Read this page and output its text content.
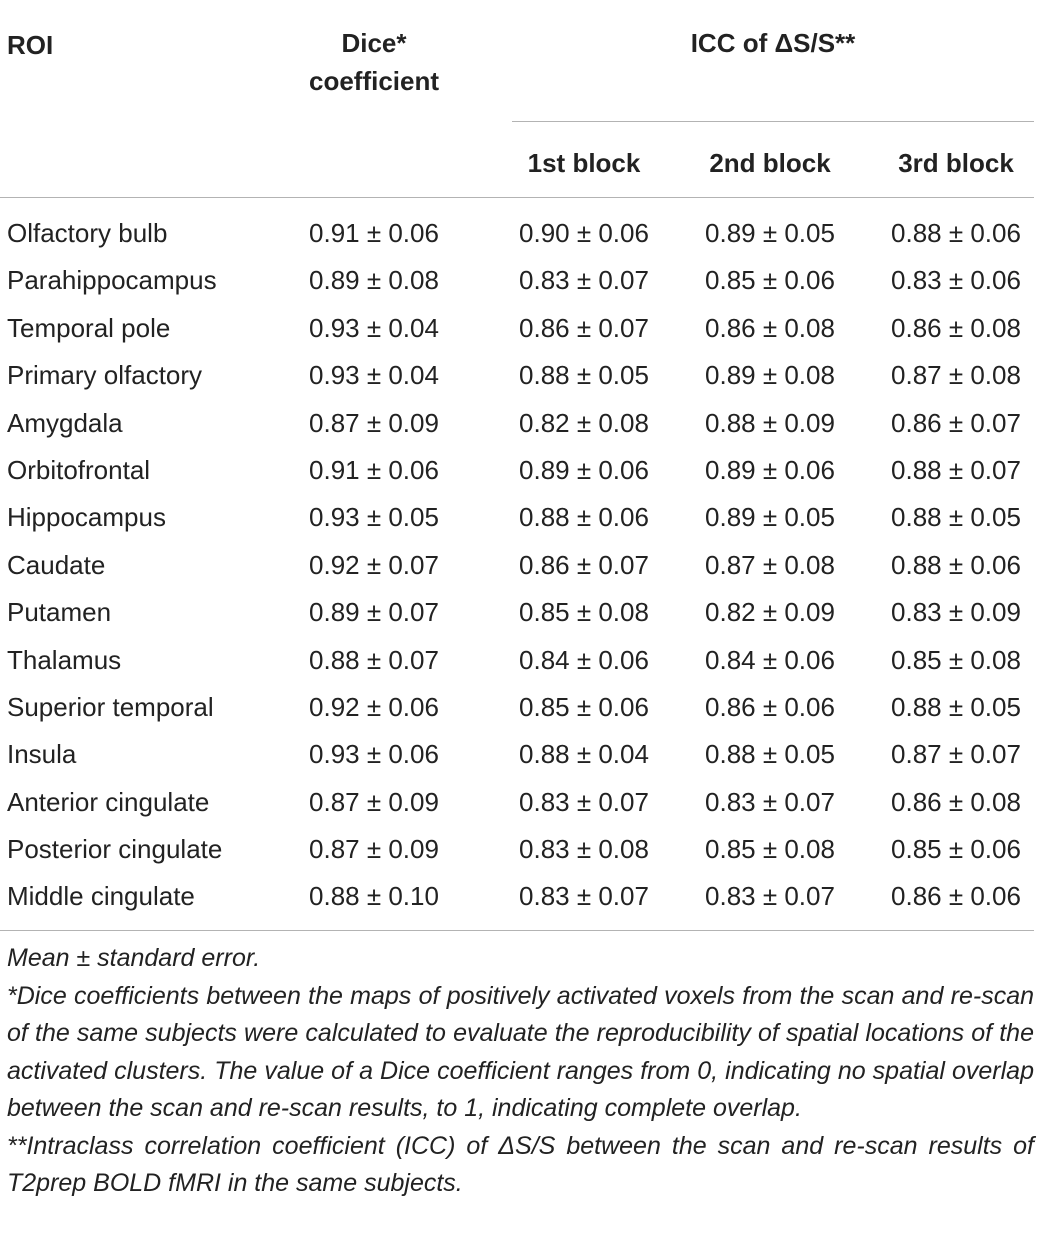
ROI	Dice*
coefficient
ICC of ΔS/S**
1st block	2nd block	3rd block
Olfactory bulb	0.91 ± 0.06	0.90 ± 0.06	0.89 ± 0.05	0.88 ± 0.06
Parahippocampus	0.89 ± 0.08	0.83 ± 0.07	0.85 ± 0.06	0.83 ± 0.06
Temporal pole	0.93 ± 0.04	0.86 ± 0.07	0.86 ± 0.08	0.86 ± 0.08
Primary olfactory	0.93 ± 0.04	0.88 ± 0.05	0.89 ± 0.08	0.87 ± 0.08
Amygdala	0.87 ± 0.09	0.82 ± 0.08	0.88 ± 0.09	0.86 ± 0.07
Orbitofrontal	0.91 ± 0.06	0.89 ± 0.06	0.89 ± 0.06	0.88 ± 0.07
Hippocampus	0.93 ± 0.05	0.88 ± 0.06	0.89 ± 0.05	0.88 ± 0.05
Caudate	0.92 ± 0.07	0.86 ± 0.07	0.87 ± 0.08	0.88 ± 0.06
Putamen	0.89 ± 0.07	0.85 ± 0.08	0.82 ± 0.09	0.83 ± 0.09
Thalamus	0.88 ± 0.07	0.84 ± 0.06	0.84 ± 0.06	0.85 ± 0.08
Superior temporal	0.92 ± 0.06	0.85 ± 0.06	0.86 ± 0.06	0.88 ± 0.05
Insula	0.93 ± 0.06	0.88 ± 0.04	0.88 ± 0.05	0.87 ± 0.07
Anterior cingulate	0.87 ± 0.09	0.83 ± 0.07	0.83 ± 0.07	0.86 ± 0.08
Posterior cingulate	0.87 ± 0.09	0.83 ± 0.08	0.85 ± 0.08	0.85 ± 0.06
Middle cingulate	0.88 ± 0.10	0.83 ± 0.07	0.83 ± 0.07	0.86 ± 0.06

Mean ± standard error.

*Dice coefficients between the maps of positively activated voxels from the scan and re-scan of the same subjects were calculated to evaluate the reproducibility of spatial locations of the activated clusters. The value of a Dice coefficient ranges from 0, indicating no spatial overlap between the scan and re-scan results, to 1, indicating complete overlap.

**Intraclass correlation coefficient (ICC) of ΔS/S between the scan and re-scan results of T2prep BOLD fMRI in the same subjects.
